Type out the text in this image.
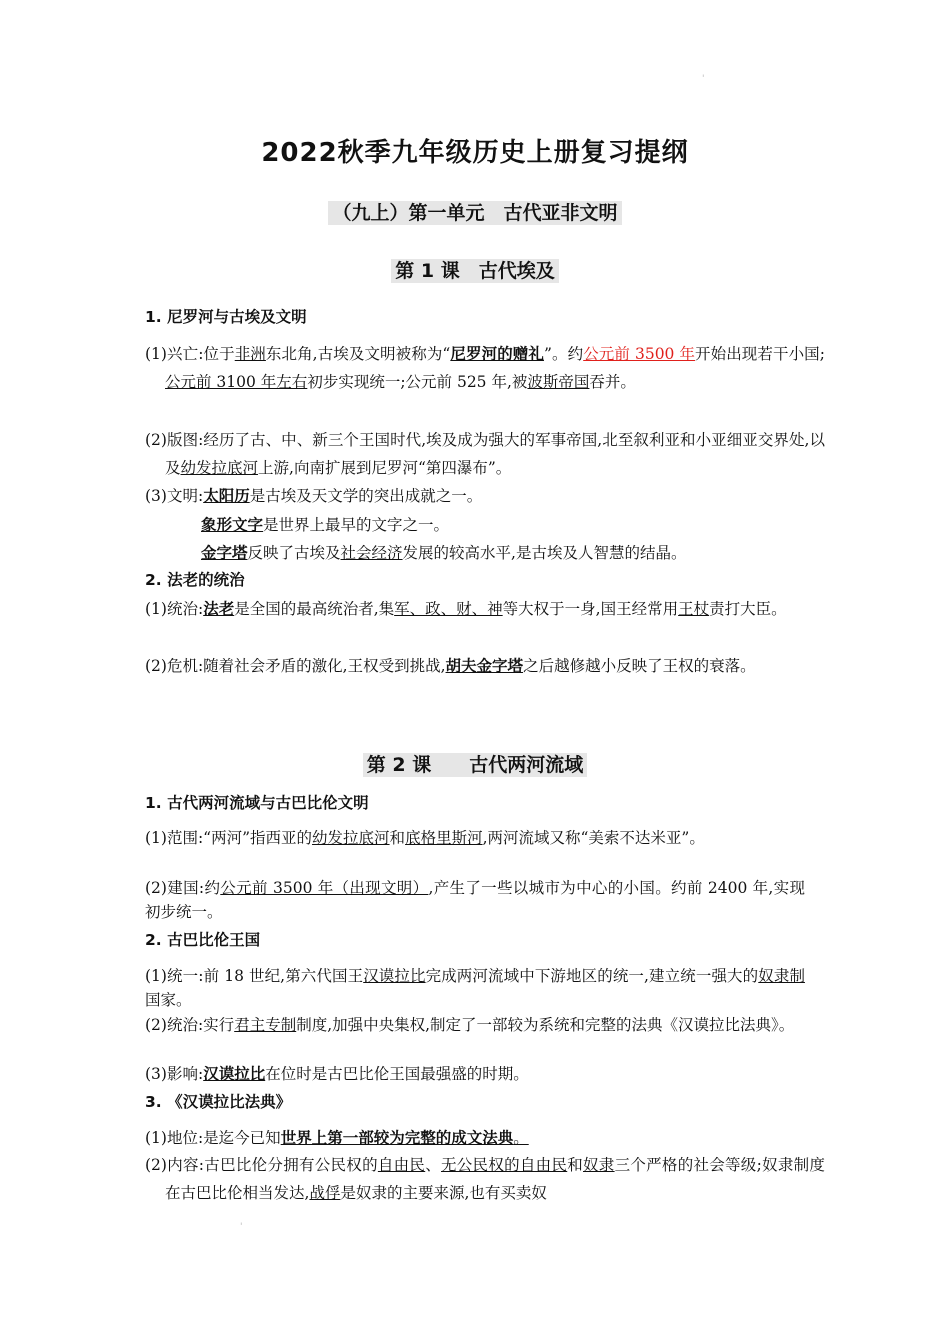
'
2022秋季九年级历史上册复习提纲
（九上）第一单元　古代亚非文明
第 1 课　古代埃及
1. 尼罗河与古埃及文明
(1)兴亡:位于非洲东北角,古埃及文明被称为“尼罗河的赠礼”。约公元前 3500 年开始出现若干小国;公元前 3100 年左右初步实现统一;公元前 525 年,被波斯帝国吞并。
(2)版图:经历了古、中、新三个王国时代,埃及成为强大的军事帝国,北至叙利亚和小亚细亚交界处,以及幼发拉底河上游,向南扩展到尼罗河“第四瀑布”。
(3)文明:太阳历是古埃及天文学的突出成就之一。
象形文字是世界上最早的文字之一。
金字塔反映了古埃及社会经济发展的较高水平,是古埃及人智慧的结晶。
2. 法老的统治
(1)统治:法老是全国的最高统治者,集军、政、财、神等大权于一身,国王经常用王杖责打大臣。
(2)危机:随着社会矛盾的激化,王权受到挑战,胡夫金字塔之后越修越小反映了王权的衰落。
第 2 课　　古代两河流域
1. 古代两河流域与古巴比伦文明
(1)范围:“两河”指西亚的幼发拉底河和底格里斯河,两河流域又称“美索不达米亚”。
(2)建国:约公元前 3500 年（出现文明）,产生了一些以城市为中心的小国。约前 2400 年,实现初步统一。
2. 古巴比伦王国
(1)统一:前 18 世纪,第六代国王汉谟拉比完成两河流域中下游地区的统一,建立统一强大的奴隶制国家。
(2)统治:实行君主专制制度,加强中央集权,制定了一部较为系统和完整的法典《汉谟拉比法典》。
(3)影响:汉谟拉比在位时是古巴比伦王国最强盛的时期。
3. 《汉谟拉比法典》
(1)地位:是迄今已知世界上第一部较为完整的成文法典。
(2)内容:古巴比伦分拥有公民权的自由民、无公民权的自由民和奴隶三个严格的社会等级;奴隶制度在古巴比伦相当发达,战俘是奴隶的主要来源,也有买卖奴
'
